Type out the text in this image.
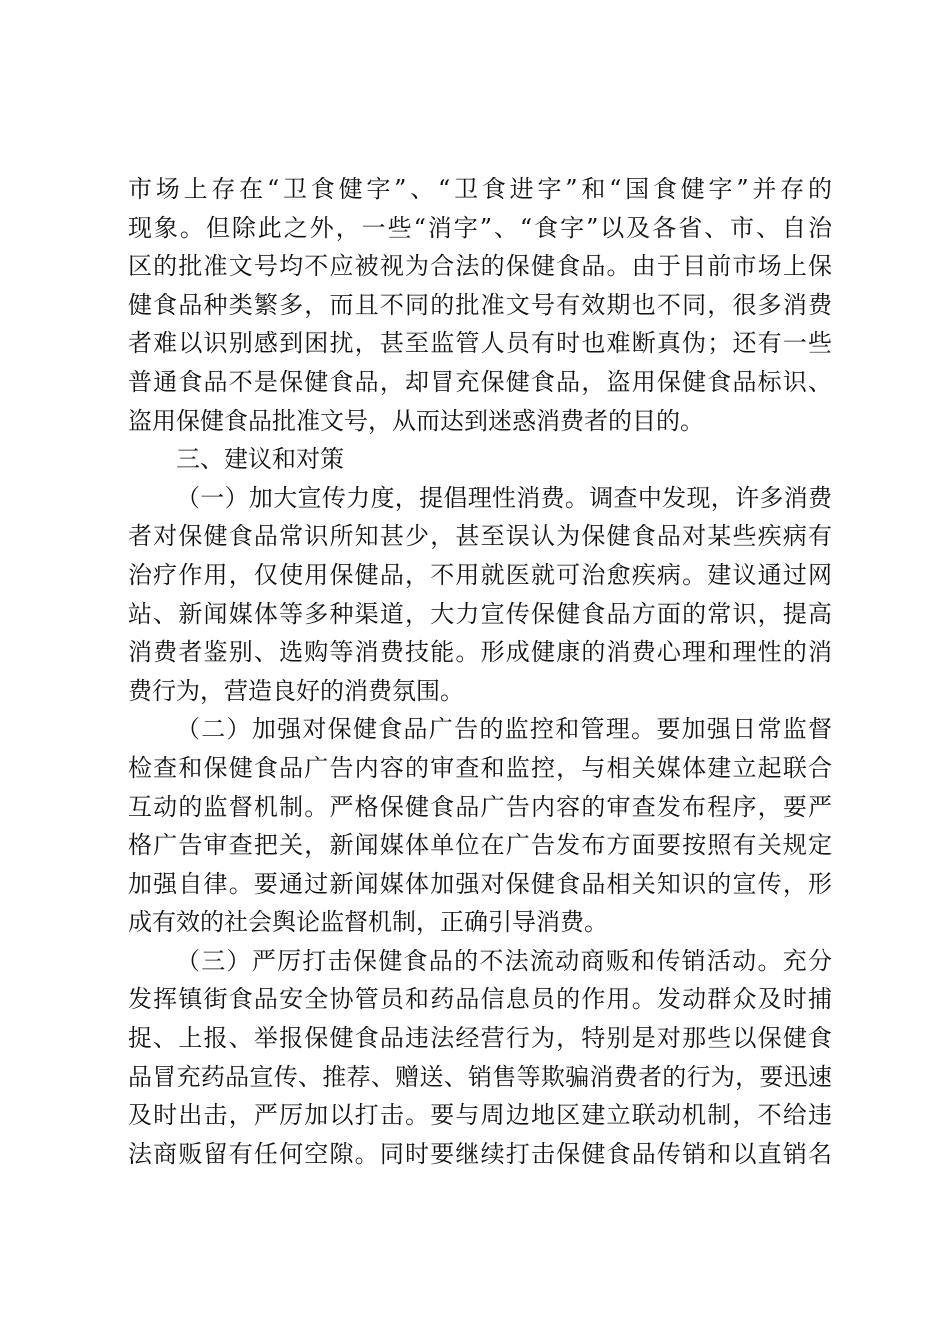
市场上存在“卫食健字”、“卫食进字”和“国食健字”并存的
现象。但除此之外，一些“消字”、“食字”以及各省、市、自治
区的批准文号均不应被视为合法的保健食品。由于目前市场上保
健食品种类繁多，而且不同的批准文号有效期也不同，很多消费
者难以识别感到困扰，甚至监管人员有时也难断真伪；还有一些
普通食品不是保健食品，却冒充保健食品，盗用保健食品标识、
盗用保健食品批准文号，从而达到迷惑消费者的目的。
三、建议和对策
（一）加大宣传力度，提倡理性消费。调查中发现，许多消费
者对保健食品常识所知甚少，甚至误认为保健食品对某些疾病有
治疗作用，仅使用保健品，不用就医就可治愈疾病。建议通过网
站、新闻媒体等多种渠道，大力宣传保健食品方面的常识，提高
消费者鉴别、选购等消费技能。形成健康的消费心理和理性的消
费行为，营造良好的消费氛围。
（二）加强对保健食品广告的监控和管理。要加强日常监督
检查和保健食品广告内容的审查和监控，与相关媒体建立起联合
互动的监督机制。严格保健食品广告内容的审查发布程序，要严
格广告审查把关，新闻媒体单位在广告发布方面要按照有关规定
加强自律。要通过新闻媒体加强对保健食品相关知识的宣传，形
成有效的社会舆论监督机制，正确引导消费。
（三）严厉打击保健食品的不法流动商贩和传销活动。充分
发挥镇街食品安全协管员和药品信息员的作用。发动群众及时捕
捉、上报、举报保健食品违法经营行为，特别是对那些以保健食
品冒充药品宣传、推荐、赠送、销售等欺骗消费者的行为，要迅速
及时出击，严厉加以打击。要与周边地区建立联动机制，不给违
法商贩留有任何空隙。同时要继续打击保健食品传销和以直销名
